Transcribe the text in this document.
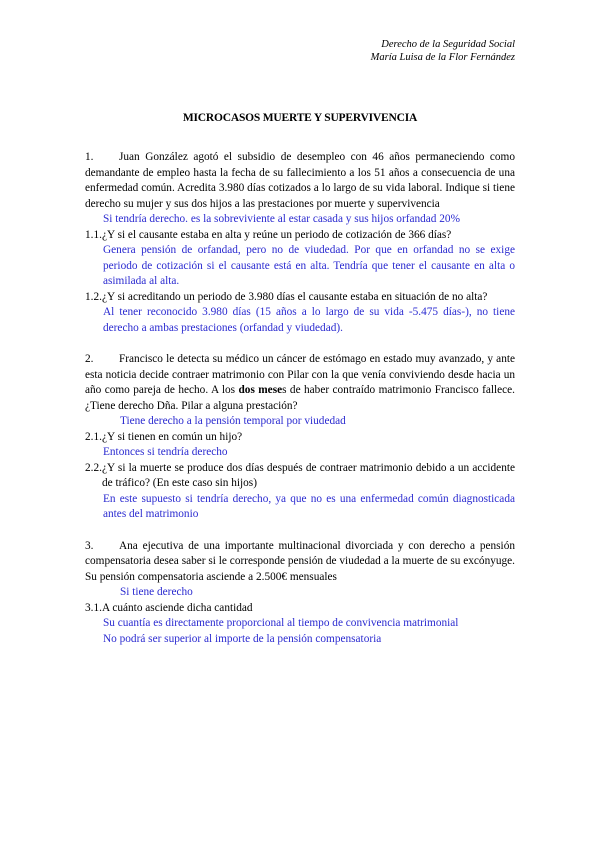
Derecho de la Seguridad Social
María Luisa de la Flor Fernández
MICROCASOS MUERTE Y SUPERVIVENCIA

1. Juan González agotó el subsidio de desempleo con 46 años permaneciendo como demandante de empleo hasta la fecha de su fallecimiento a los 51 años a consecuencia de una enfermedad común. Acredita 3.980 días cotizados a lo largo de su vida laboral. Indique si tiene derecho su mujer y sus dos hijos a las prestaciones por muerte y supervivencia

Si tendría derecho. es la sobreviviente al estar casada y sus hijos orfandad 20%

1.1. ¿Y si el causante estaba en alta y reúne un periodo de cotización de 366 días?

Genera pensión de orfandad, pero no de viudedad. Por que en orfandad no se exige periodo de cotización si el causante está en alta. Tendría que tener el causante en alta o asimilada al alta.

1.2. ¿Y si acreditando un periodo de 3.980 días el causante estaba en situación de no alta?

Al tener reconocido 3.980 días (15 años a lo largo de su vida -5.475 días-), no tiene derecho a ambas prestaciones (orfandad y viudedad).

2. Francisco le detecta su médico un cáncer de estómago en estado muy avanzado, y ante esta noticia decide contraer matrimonio con Pilar con la que venía conviviendo desde hacia un año como pareja de hecho. A los dos meses de haber contraído matrimonio Francisco fallece. ¿Tiene derecho Dña. Pilar a alguna prestación?

Tiene derecho a la pensión temporal por viudedad

2.1. ¿Y si tienen en común un hijo?

Entonces si tendría derecho

2.2. ¿Y si la muerte se produce dos días después de contraer matrimonio debido a un accidente de tráfico? (En este caso sin hijos)

En este supuesto si tendría derecho, ya que no es una enfermedad común diagnosticada antes del matrimonio

3. Ana ejecutiva de una importante multinacional divorciada y con derecho a pensión compensatoria desea saber si le corresponde pensión de viudedad a la muerte de su excónyuge. Su pensión compensatoria asciende a 2.500€ mensuales

Si tiene derecho

3.1. A cuánto asciende dicha cantidad

Su cuantía es directamente proporcional al tiempo de convivencia matrimonial

No podrá ser superior al importe de la pensión compensatoria
